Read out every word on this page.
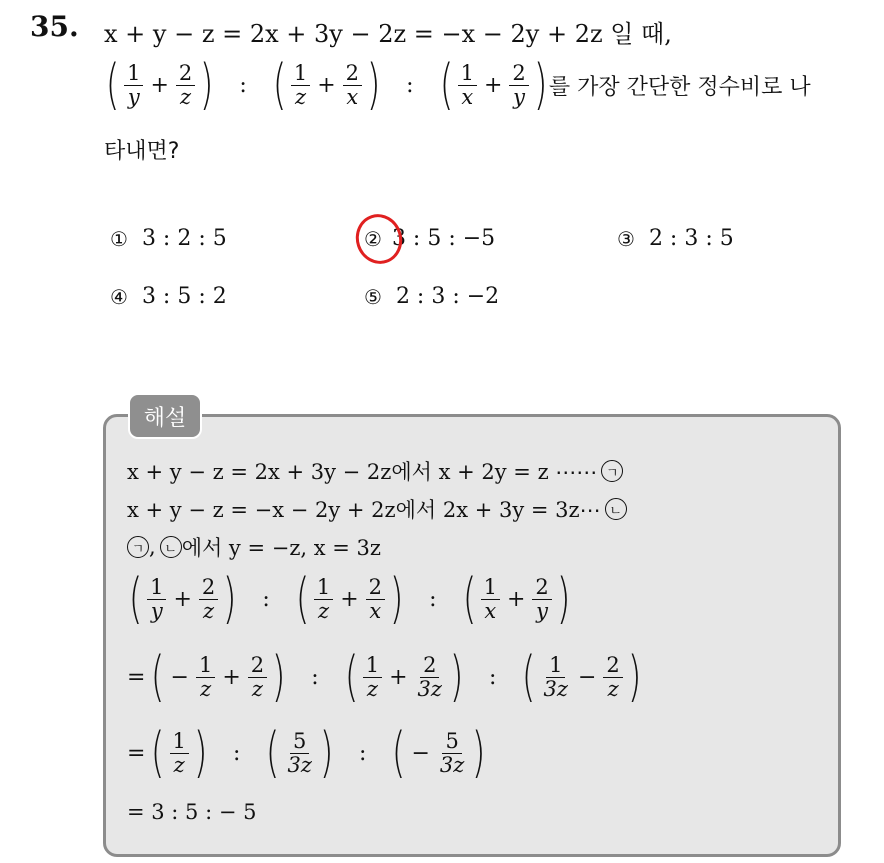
35. x + y − z = 2x + 3y − 2z = −x − 2y + 2z 일 때,
( $\frac{1}{y} + \frac{2}{z}$ ) : ( $\frac{1}{z} + \frac{2}{x}$ ) : ( $\frac{1}{x} + \frac{2}{y}$ ) 를 가장 간단한 정수비로 나
타내면?
① 3 : 2 : 5	② 3 : 5 : −5	③ 2 : 3 : 5
④ 3 : 5 : 2	⑤ 2 : 3 : −2
해설
x + y − z = 2x + 3y − 2z에서 x + 2y = z ⋯⋯ ㄱ
x + y − z = −x − 2y + 2z에서 2x + 3y = 3z⋯ ㄴ
ㄱ , ㄴ 에서 y = −z, x = 3z
( $\frac{1}{y} + \frac{2}{z}$ ) : ( $\frac{1}{z} + \frac{2}{x}$ ) : ( $\frac{1}{x} + \frac{2}{y}$ )
= ( − $\frac{1}{z} + \frac{2}{z}$ ) : ( $\frac{1}{z} + \frac{2}{3z}$ ) : ( $\frac{1}{3z} - \frac{2}{z}$ )
= ( $\frac{1}{z}$ ) : ( $\frac{5}{3z}$ ) : ( − $\frac{5}{3z}$ )
= 3 : 5 : − 5
